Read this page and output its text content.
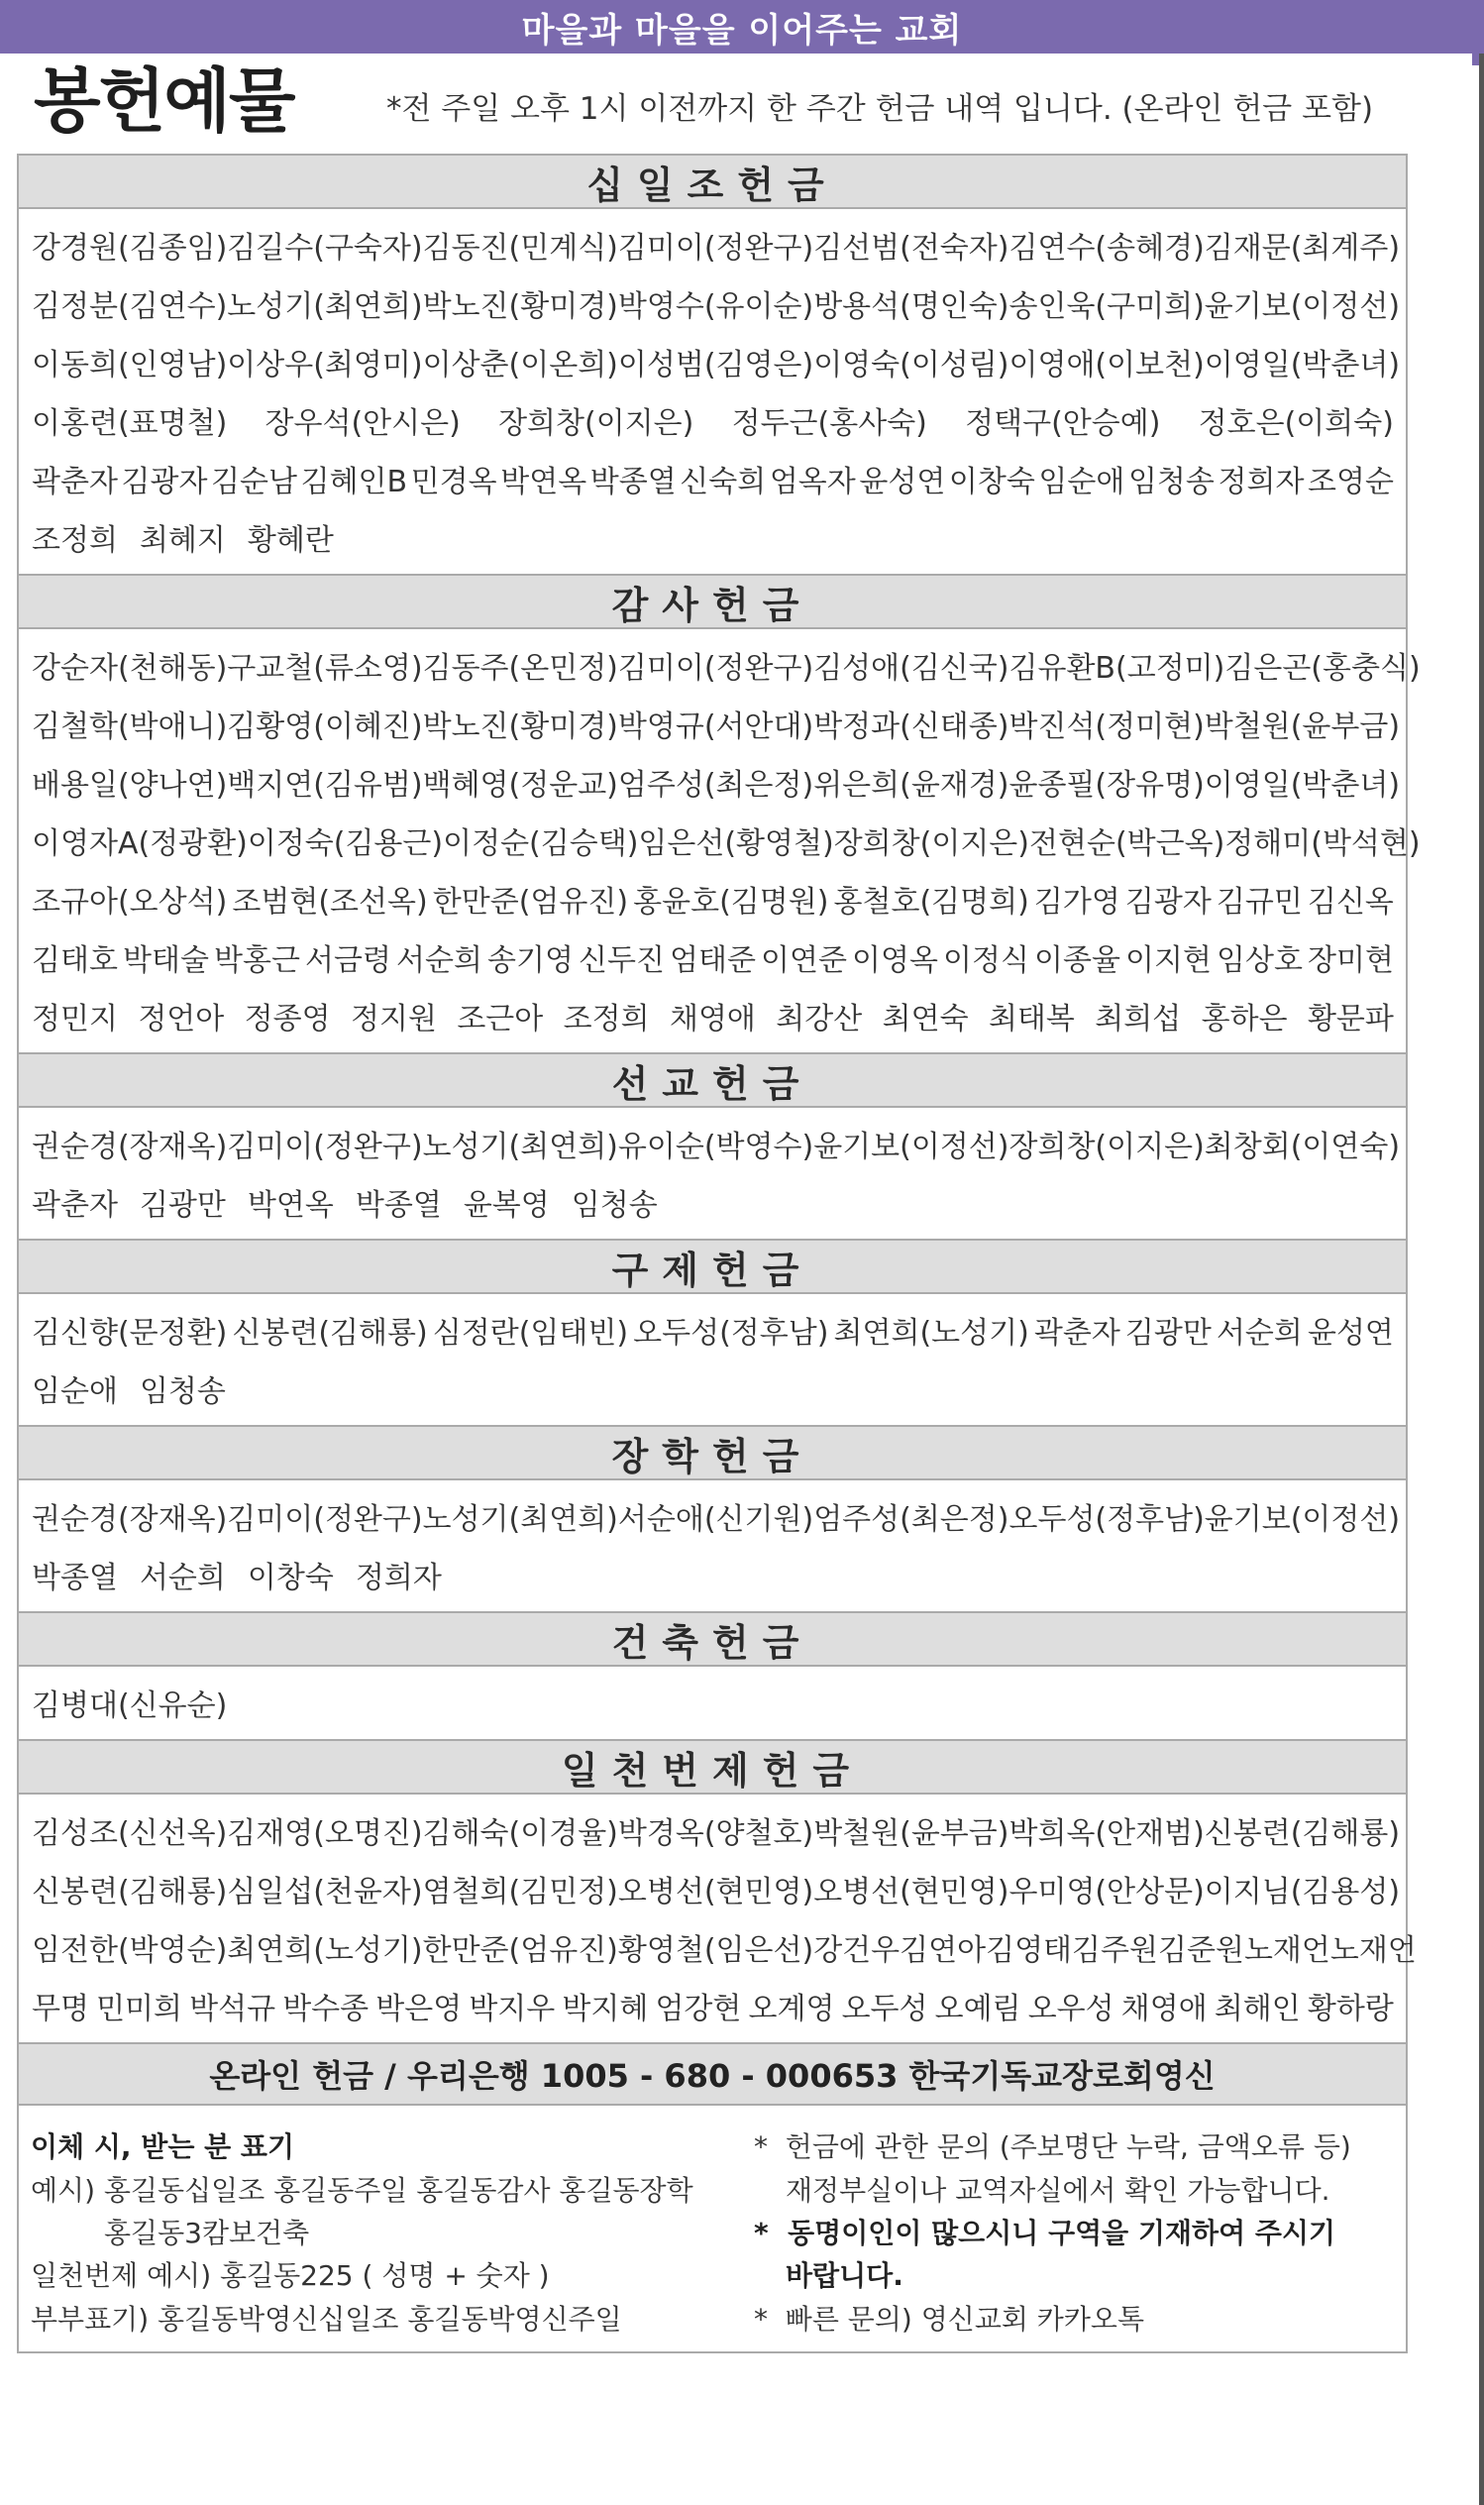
마을과 마을을 이어주는 교회
봉헌예물	*전 주일 오후 1시 이전까지 한 주간 헌금 내역 입니다. (온라인 헌금 포함)
십일조헌금
강경원(김종임) 김길수(구숙자) 김동진(민계식) 김미이(정완구) 김선범(전숙자) 김연수(송혜경) 김재문(최계주)
김정분(김연수) 노성기(최연희) 박노진(황미경) 박영수(유이순) 방용석(명인숙) 송인욱(구미희) 윤기보(이정선)
이동희(인영남) 이상우(최영미) 이상춘(이온희) 이성범(김영은) 이영숙(이성림) 이영애(이보천) 이영일(박춘녀)
이홍련(표명철) 장우석(안시은) 장희창(이지은) 정두근(홍사숙) 정택구(안승예) 정호은(이희숙)
곽춘자 김광자 김순남 김혜인B 민경옥 박연옥 박종열 신숙희 엄옥자 윤성연 이창숙 임순애 임청송 정희자 조영순
조정희 최혜지 황혜란
감사헌금
강순자(천해동) 구교철(류소영) 김동주(온민정) 김미이(정완구) 김성애(김신국) 김유환B(고정미) 김은곤(홍충식)
김철학(박애니) 김황영(이혜진) 박노진(황미경) 박영규(서안대) 박정과(신태종) 박진석(정미현) 박철원(윤부금)
배용일(양나연) 백지연(김유범) 백혜영(정운교) 엄주성(최은정) 위은희(윤재경) 윤종필(장유명) 이영일(박춘녀)
이영자A(정광환) 이정숙(김용근) 이정순(김승택) 임은선(황영철) 장희창(이지은) 전현순(박근옥) 정해미(박석현)
조규아(오상석) 조범현(조선옥) 한만준(엄유진) 홍윤호(김명원) 홍철호(김명희) 김가영 김광자 김규민 김신옥
김태호 박태술 박홍근 서금령 서순희 송기영 신두진 엄태준 이연준 이영옥 이정식 이종율 이지현 임상호 장미현
정민지 정언아 정종영 정지원 조근아 조정희 채영애 최강산 최연숙 최태복 최희섭 홍하은 황문파
선교헌금
권순경(장재옥) 김미이(정완구) 노성기(최연희) 유이순(박영수) 윤기보(이정선) 장희창(이지은) 최창회(이연숙)
곽춘자 김광만 박연옥 박종열 윤복영 임청송
구제헌금
김신향(문정환) 신봉련(김해룡) 심정란(임태빈) 오두성(정후남) 최연희(노성기) 곽춘자 김광만 서순희 윤성연
임순애 임청송
장학헌금
권순경(장재옥) 김미이(정완구) 노성기(최연희) 서순애(신기원) 엄주성(최은정) 오두성(정후남) 윤기보(이정선)
박종열 서순희 이창숙 정희자
건축헌금
김병대(신유순)
일천번제헌금
김성조(신선옥) 김재영(오명진) 김해숙(이경율) 박경옥(양철호) 박철원(윤부금) 박희옥(안재범) 신봉련(김해룡)
신봉련(김해룡) 심일섭(천윤자) 염철희(김민정) 오병선(현민영) 오병선(현민영) 우미영(안상문) 이지님(김용성)
임전한(박영순) 최연희(노성기) 한만준(엄유진) 황영철(임은선) 강건우 김연아 김영태 김주원 김준원 노재언 노재언
무명 민미희 박석규 박수종 박은영 박지우 박지혜 엄강현 오계영 오두성 오예림 오우성 채영애 최해인 황하랑
온라인 헌금 / 우리은행 1005 - 680 - 000653 한국기독교장로회영신
이체 시, 받는 분 표기
예시) 홍길동십일조 홍길동주일 홍길동감사 홍길동장학
홍길동3캄보건축
일천번제 예시) 홍길동225 ( 성명 + 숫자 )
부부표기) 홍길동박영신십일조 홍길동박영신주일
*  헌금에 관한 문의 (주보명단 누락, 금액오류 등)
재정부실이나 교역자실에서 확인 가능합니다.
*  동명이인이 많으시니 구역을 기재하여 주시기
바랍니다.
*  빠른 문의) 영신교회 카카오톡
